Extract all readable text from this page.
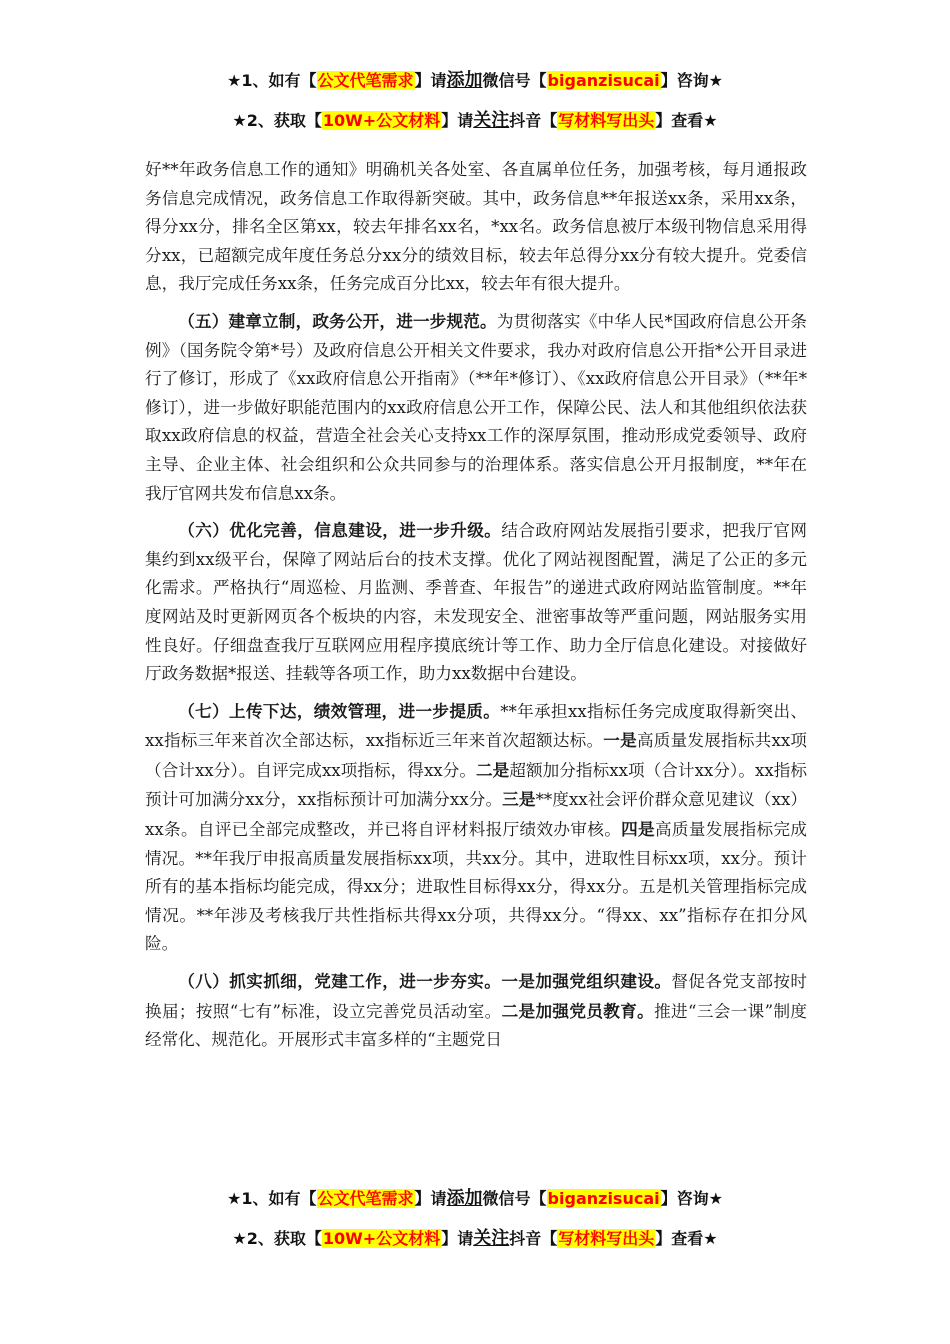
★1、如有【公文代笔需求】请添加微信号【biganzisucai】咨询★
★2、获取【10W+公文材料】请关注抖音【写材料写出头】查看★

好**年政务信息工作的通知》明确机关各处室、各直属单位任务，加强考核，每月通报政务信息完成情况，政务信息工作取得新突破。其中，政务信息**年报送xx条，采用xx条，得分xx分，排名全区第xx，较去年排名xx名，*xx名。政务信息被厅本级刊物信息采用得分xx，已超额完成年度任务总分xx分的绩效目标，较去年总得分xx分有较大提升。党委信息，我厅完成任务xx条，任务完成百分比xx，较去年有很大提升。

（五）建章立制，政务公开，进一步规范。为贯彻落实《中华人民*国政府信息公开条例》（国务院令第*号）及政府信息公开相关文件要求，我办对政府信息公开指*公开目录进行了修订，形成了《xx政府信息公开指南》（**年*修订）、《xx政府信息公开目录》（**年*修订），进一步做好职能范围内的xx政府信息公开工作，保障公民、法人和其他组织依法获取xx政府信息的权益，营造全社会关心支持xx工作的深厚氛围，推动形成党委领导、政府主导、企业主体、社会组织和公众共同参与的治理体系。落实信息公开月报制度，**年在我厅官网共发布信息xx条。

（六）优化完善，信息建设，进一步升级。结合政府网站发展指引要求，把我厅官网集约到xx级平台，保障了网站后台的技术支撑。优化了网站视图配置，满足了公正的多元化需求。严格执行“周巡检、月监测、季普查、年报告”的递进式政府网站监管制度。**年度网站及时更新网页各个板块的内容，未发现安全、泄密事故等严重问题，网站服务实用性良好。仔细盘查我厅互联网应用程序摸底统计等工作、助力全厅信息化建设。对接做好厅政务数据*报送、挂载等各项工作，助力xx数据中台建设。

（七）上传下达，绩效管理，进一步提质。**年承担xx指标任务完成度取得新突出、xx指标三年来首次全部达标，xx指标近三年来首次超额达标。一是高质量发展指标共xx项（合计xx分）。自评完成xx项指标，得xx分。二是超额加分指标xx项（合计xx分）。xx指标预计可加满分xx分，xx指标预计可加满分xx分。三是**度xx社会评价群众意见建议（xx）xx条。自评已全部完成整改，并已将自评材料报厅绩效办审核。四是高质量发展指标完成情况。**年我厅申报高质量发展指标xx项，共xx分。其中，进取性目标xx项，xx分。预计所有的基本指标均能完成，得xx分；进取性目标得xx分，得xx分。五是机关管理指标完成情况。**年涉及考核我厅共性指标共得xx分项，共得xx分。“得xx、xx”指标存在扣分风险。

（八）抓实抓细，党建工作，进一步夯实。一是加强党组织建设。督促各党支部按时换届；按照“七有”标准，设立完善党员活动室。二是加强党员教育。推进“三会一课”制度经常化、规范化。开展形式丰富多样的“主题党日

★1、如有【公文代笔需求】请添加微信号【biganzisucai】咨询★
★2、获取【10W+公文材料】请关注抖音【写材料写出头】查看★
